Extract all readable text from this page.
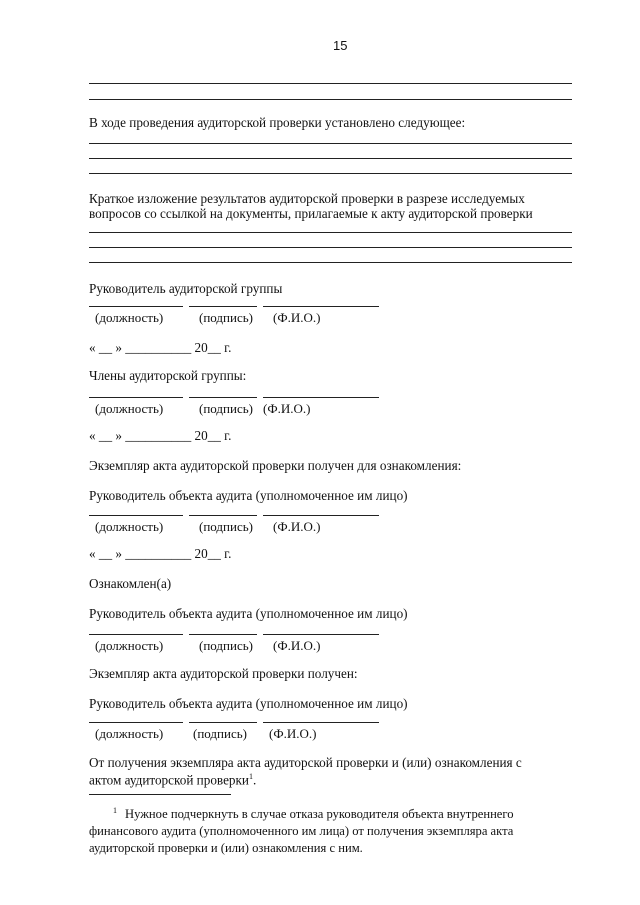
15
В ходе проведения аудиторской проверки установлено следующее:
Краткое изложение результатов аудиторской проверки в разрезе исследуемых
вопросов со ссылкой на документы, прилагаемые к акту аудиторской проверки
Руководитель аудиторской группы
(должность)	(подпись) (Ф.И.О.)
« __ » __________ 20__ г.
Члены аудиторской группы:
(должность)	(подпись) (Ф.И.О.)
« __ » __________ 20__ г.
Экземпляр акта аудиторской проверки получен для ознакомления:
Руководитель объекта аудита (уполномоченное им лицо)
(должность)	(подпись) (Ф.И.О.)
« __ » __________ 20__ г.
Ознакомлен(а)
Руководитель объекта аудита (уполномоченное им лицо)
(должность)	(подпись) (Ф.И.О.)
Экземпляр акта аудиторской проверки получен:
Руководитель объекта аудита (уполномоченное им лицо)
(должность) (подпись) (Ф.И.О.)
От получения экземпляра акта аудиторской проверки и (или) ознакомления с
актом аудиторской проверки$^1$.
$^1$ Нужное подчеркнуть в случае отказа руководителя объекта внутреннего
финансового аудита (уполномоченного им лица) от получения экземпляра акта
аудиторской проверки и (или) ознакомления с ним.
